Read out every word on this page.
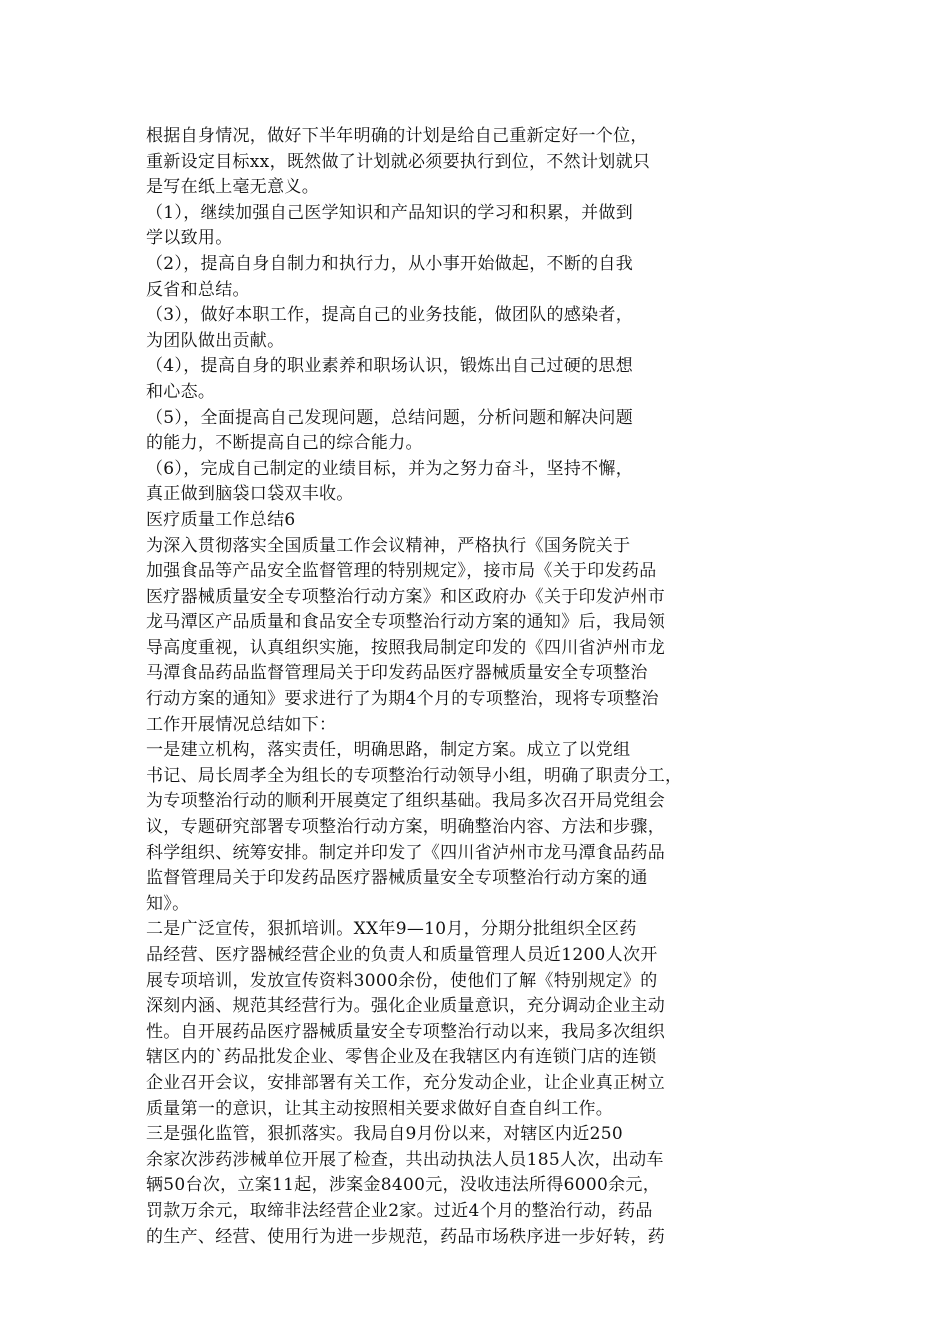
根据自身情况，做好下半年明确的计划是给自己重新定好一个位，
重新设定目标xx，既然做了计划就必须要执行到位，不然计划就只
是写在纸上毫无意义。
（1），继续加强自己医学知识和产品知识的学习和积累，并做到
学以致用。
（2），提高自身自制力和执行力，从小事开始做起，不断的自我
反省和总结。
（3），做好本职工作，提高自己的业务技能，做团队的感染者，
为团队做出贡献。
（4），提高自身的职业素养和职场认识，锻炼出自己过硬的思想
和心态。
（5），全面提高自己发现问题，总结问题，分析问题和解决问题
的能力，不断提高自己的综合能力。
（6），完成自己制定的业绩目标，并为之努力奋斗，坚持不懈，
真正做到脑袋口袋双丰收。
医疗质量工作总结6
为深入贯彻落实全国质量工作会议精神，严格执行《国务院关于
加强食品等产品安全监督管理的特别规定》，接市局《关于印发药品
医疗器械质量安全专项整治行动方案》和区政府办《关于印发泸州市
龙马潭区产品质量和食品安全专项整治行动方案的通知》后，我局领
导高度重视，认真组织实施，按照我局制定印发的《四川省泸州市龙
马潭食品药品监督管理局关于印发药品医疗器械质量安全专项整治
行动方案的通知》要求进行了为期4个月的专项整治，现将专项整治
工作开展情况总结如下：
一是建立机构，落实责任，明确思路，制定方案。成立了以党组
书记、局长周孝全为组长的专项整治行动领导小组，明确了职责分工，
为专项整治行动的顺利开展奠定了组织基础。我局多次召开局党组会
议，专题研究部署专项整治行动方案，明确整治内容、方法和步骤，
科学组织、统筹安排。制定并印发了《四川省泸州市龙马潭食品药品
监督管理局关于印发药品医疗器械质量安全专项整治行动方案的通
知》。
二是广泛宣传，狠抓培训。XX年9—10月，分期分批组织全区药
品经营、医疗器械经营企业的负责人和质量管理人员近1200人次开
展专项培训，发放宣传资料3000余份，使他们了解《特别规定》的
深刻内涵、规范其经营行为。强化企业质量意识，充分调动企业主动
性。自开展药品医疗器械质量安全专项整治行动以来，我局多次组织
辖区内的`药品批发企业、零售企业及在我辖区内有连锁门店的连锁
企业召开会议，安排部署有关工作，充分发动企业，让企业真正树立
质量第一的意识，让其主动按照相关要求做好自查自纠工作。
三是强化监管，狠抓落实。我局自9月份以来，对辖区内近250
余家次涉药涉械单位开展了检查，共出动执法人员185人次，出动车
辆50台次，立案11起，涉案金8400元，没收违法所得6000余元，
罚款万余元，取缔非法经营企业2家。过近4个月的整治行动，药品
的生产、经营、使用行为进一步规范，药品市场秩序进一步好转，药
